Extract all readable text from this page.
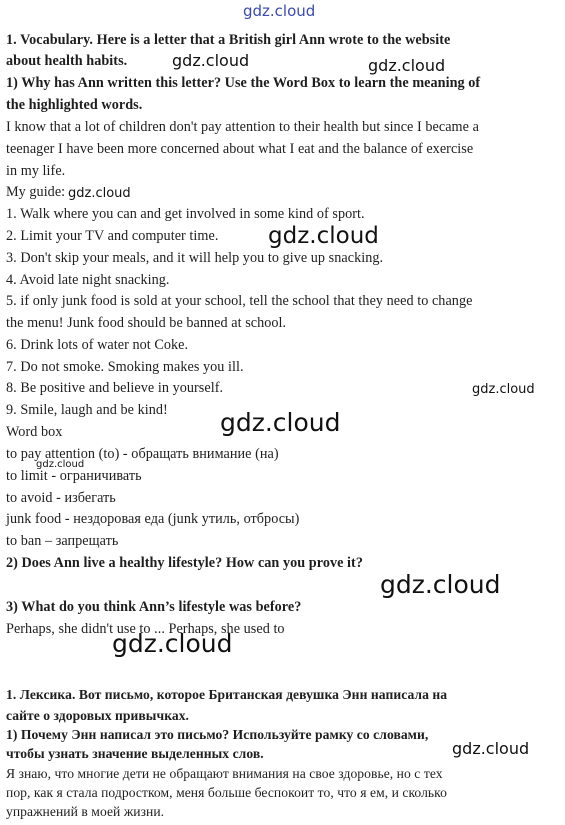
gdz.cloud
gdz.cloud	gdz.cloud
gdz.cloud
gdz.cloud
gdz.cloud
gdz.cloud
gdz.cloud
gdz.cloud
gdz.cloud
gdz.cloud
1. Vocabulary. Here is a letter that a British girl Ann wrote to the website
about health habits.
1) Why has Ann written this letter? Use the Word Box to learn the meaning of
the highlighted words.
I know that a lot of children don't pay attention to their health but since I became a
teenager I have been more concerned about what I eat and the balance of exercise
in my life.
My guide:
1. Walk where you can and get involved in some kind of sport.
2. Limit your TV and computer time.
3. Don't skip your meals, and it will help you to give up snacking.
4. Avoid late night snacking.
5. if only junk food is sold at your school, tell the school that they need to change
the menu! Junk food should be banned at school.
6. Drink lots of water not Coke.
7. Do not smoke. Smoking makes you ill.
8. Be positive and believe in yourself.
9. Smile, laugh and be kind!
Word box
to pay attention (to) - обращать внимание (на)
to limit - ограничивать
to avoid - избегать
junk food - нездоровая еда (junk утиль, отбросы)
to ban – запрещать
2) Does Ann live a healthy lifestyle? How can you prove it?
3) What do you think Ann’s lifestyle was before?
Perhaps, she didn't use to ... Perhaps, she used to
1. Лексика. Вот письмо, которое Британская девушка Энн написала на
сайте о здоровых привычках.
1) Почему Энн написал это письмо? Используйте рамку со словами,
чтобы узнать значение выделенных слов.
Я знаю, что многие дети не обращают внимания на свое здоровье, но с тех
пор, как я стала подростком, меня больше беспокоит то, что я ем, и сколько
упражнений в моей жизни.
